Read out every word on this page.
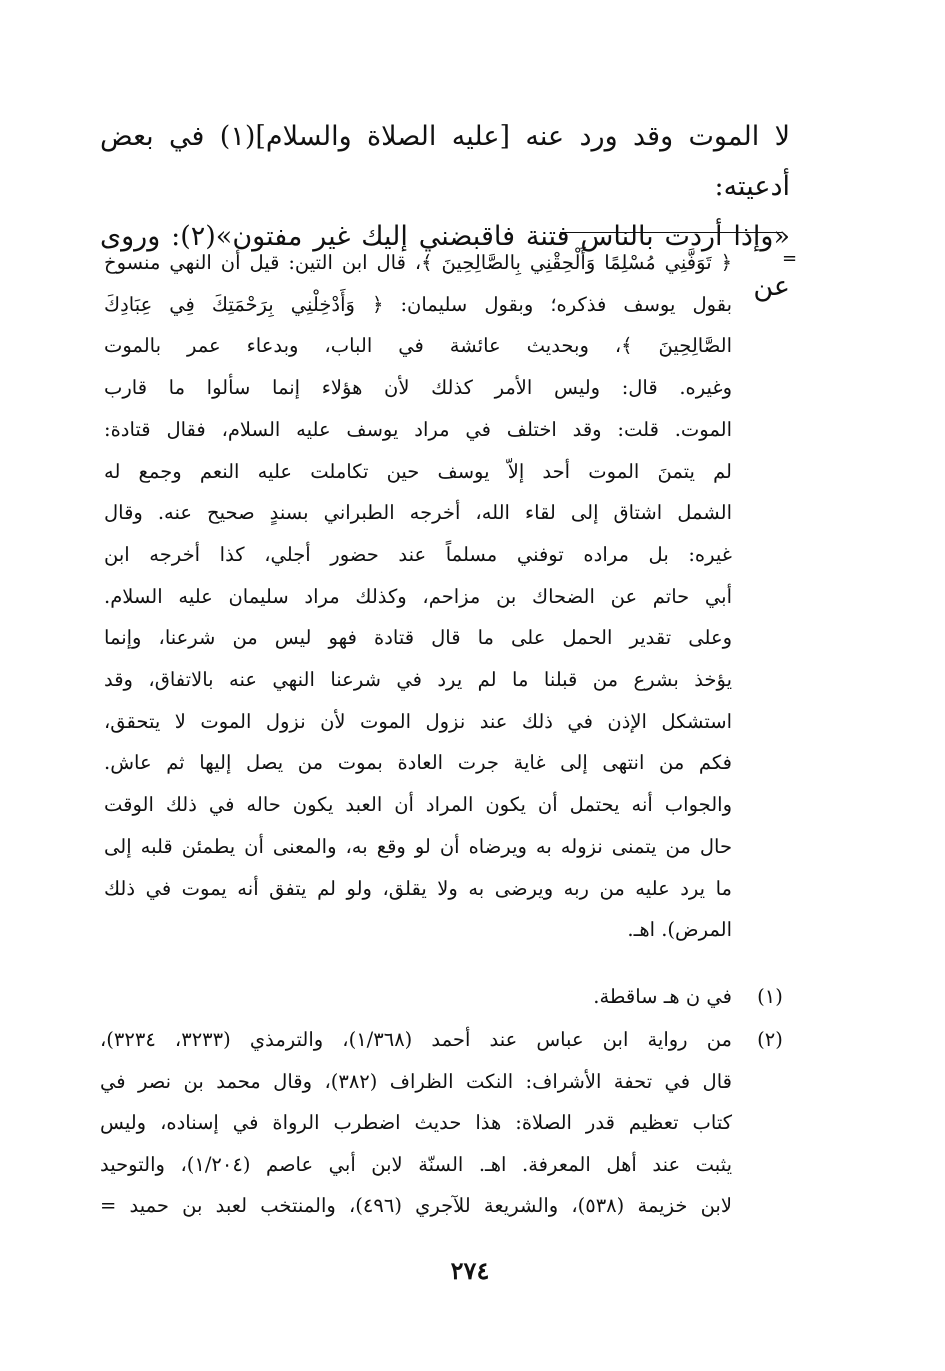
لا الموت وقد ورد عنه [عليه الصلاة والسلام](١) في بعض أدعيته:

«وإذا أردت بالناس فتنة فاقبضني إليك غير مفتون»(٢): وروى عن

=

﴿ تَوَفَّنِي مُسْلِمًا وَأَلْحِقْنِي بِالصَّالِحِينَ ﴾، قال ابن التين: قيل أن النهي منسوخ

بقول يوسف فذكره؛ وبقول سليمان: ﴿ وَأَدْخِلْنِي بِرَحْمَتِكَ فِي عِبَادِكَ

الصَّالِحِينَ ﴾، وبحديث عائشة في الباب، وبدعاء عمر بالموت

وغيره. قال: وليس الأمر كذلك لأن هؤلاء إنما سألوا ما قارب

الموت. قلت: وقد اختلف في مراد يوسف عليه السلام، فقال قتادة:

لم يتمنَ الموت أحد إلاّ يوسف حين تكاملت عليه النعم وجمع له

الشمل اشتاق إلى لقاء الله، أخرجه الطبراني بسندٍ صحيح عنه. وقال

غيره: بل مراده توفني مسلماً عند حضور أجلي، كذا أخرجه ابن

أبي حاتم عن الضحاك بن مزاحم، وكذلك مراد سليمان عليه السلام.

وعلى تقدير الحمل على ما قال قتادة فهو ليس من شرعنا، وإنما

يؤخذ بشرع من قبلنا ما لم يرد في شرعنا النهي عنه بالاتفاق، وقد

استشكل الإذن في ذلك عند نزول الموت لأن نزول الموت لا يتحقق،

فكم من انتهى إلى غاية جرت العادة بموت من يصل إليها ثم عاش.

والجواب أنه يحتمل أن يكون المراد أن العبد يكون حاله في ذلك الوقت

حال من يتمنى نزوله به ويرضاه أن لو وقع به، والمعنى أن يطمئن قلبه إلى

ما يرد عليه من ربه ويرضى به ولا يقلق، ولو لم يتفق أنه يموت في ذلك

المرض). اهـ.

(١)

في ن هـ ساقطة.

(٢)

من رواية ابن عباس عند أحمد (١/٣٦٨)، والترمذي (٣٢٣٣، ٣٢٣٤)،

قال في تحفة الأشراف: النكت الظراف (٣٨٢)، وقال محمد بن نصر في

كتاب تعظيم قدر الصلاة: هذا حديث اضطرب الرواة في إسناده، وليس

يثبت عند أهل المعرفة. اهـ. السنّة لابن أبي عاصم (١/٢٠٤)، والتوحيد

لابن خزيمة (٥٣٨)، والشريعة للآجري (٤٩٦)، والمنتخب لعبد بن حميد =

٢٧٤
